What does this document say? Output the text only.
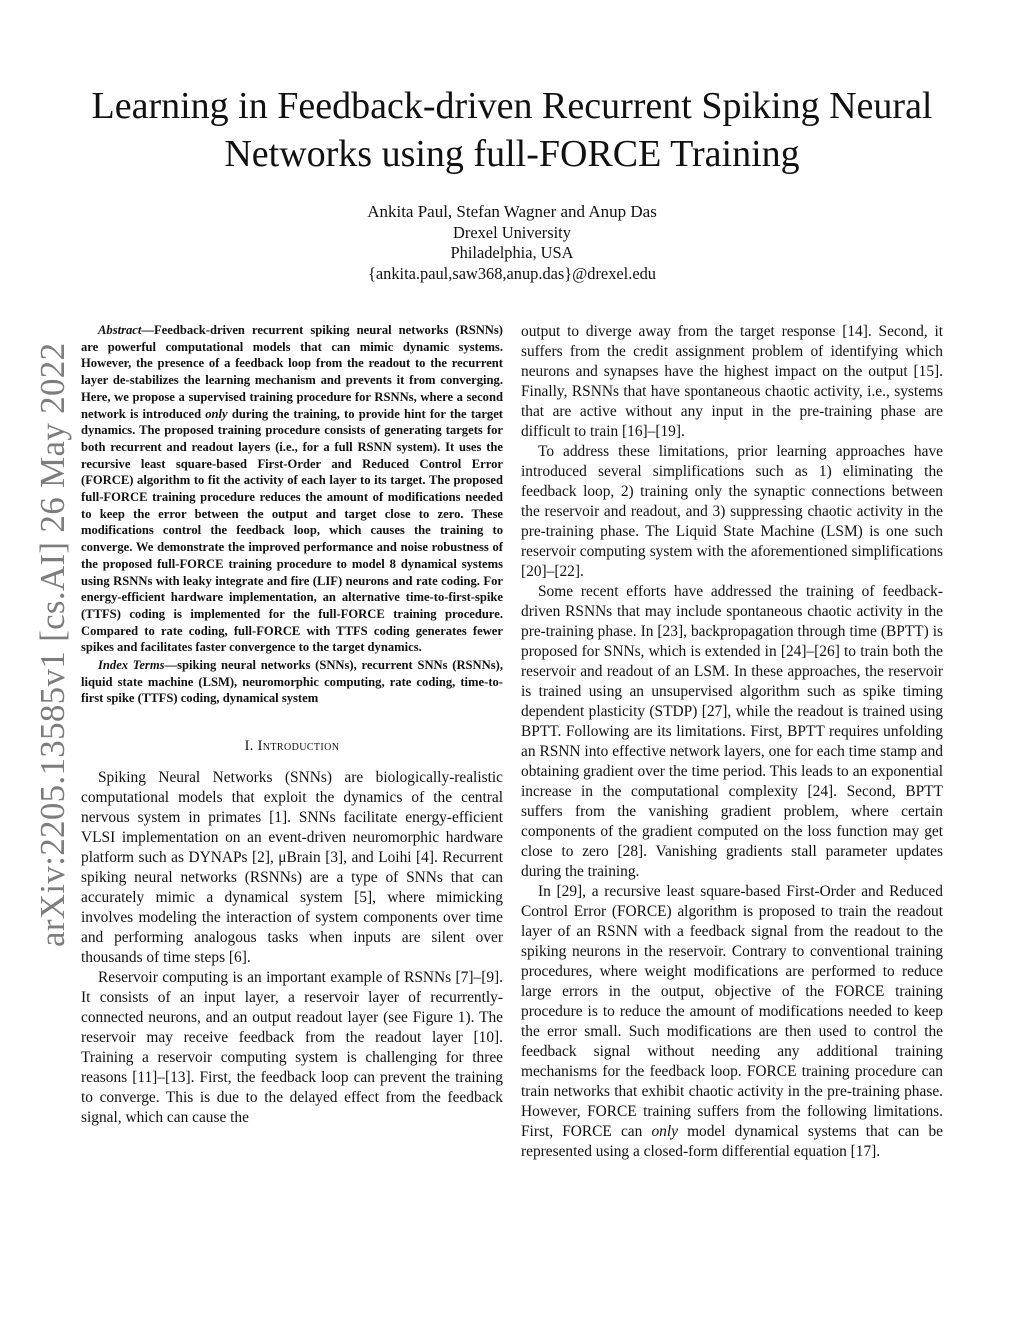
arXiv:2205.13585v1 [cs.AI] 26 May 2022
Learning in Feedback-driven Recurrent Spiking Neural Networks using full-FORCE Training
Ankita Paul, Stefan Wagner and Anup Das
Drexel University
Philadelphia, USA
{ankita.paul,saw368,anup.das}@drexel.edu

Abstract—Feedback-driven recurrent spiking neural networks (RSNNs) are powerful computational models that can mimic dynamic systems. However, the presence of a feedback loop from the readout to the recurrent layer de-stabilizes the learning mechanism and prevents it from converging. Here, we propose a supervised training procedure for RSNNs, where a second network is introduced only during the training, to provide hint for the target dynamics. The proposed training procedure consists of generating targets for both recurrent and readout layers (i.e., for a full RSNN system). It uses the recursive least square-based First-Order and Reduced Control Error (FORCE) algorithm to fit the activity of each layer to its target. The proposed full-FORCE training procedure reduces the amount of modifications needed to keep the error between the output and target close to zero. These modifications control the feedback loop, which causes the training to converge. We demonstrate the improved performance and noise robustness of the proposed full-FORCE training procedure to model 8 dynamical systems using RSNNs with leaky integrate and fire (LIF) neurons and rate coding. For energy-efficient hardware implementation, an alternative time-to-first-spike (TTFS) coding is implemented for the full-FORCE training procedure. Compared to rate coding, full-FORCE with TTFS coding generates fewer spikes and facilitates faster convergence to the target dynamics.

Index Terms—spiking neural networks (SNNs), recurrent SNNs (RSNNs), liquid state machine (LSM), neuromorphic computing, rate coding, time-to-first spike (TTFS) coding, dynamical system

I. Introduction

Spiking Neural Networks (SNNs) are biologically-realistic computational models that exploit the dynamics of the central nervous system in primates [1]. SNNs facilitate energy-efficient VLSI implementation on an event-driven neuromorphic hardware platform such as DYNAPs [2], μBrain [3], and Loihi [4]. Recurrent spiking neural networks (RSNNs) are a type of SNNs that can accurately mimic a dynamical system [5], where mimicking involves modeling the interaction of system components over time and performing analogous tasks when inputs are silent over thousands of time steps [6].

Reservoir computing is an important example of RSNNs [7]–[9]. It consists of an input layer, a reservoir layer of recurrently-connected neurons, and an output readout layer (see Figure 1). The reservoir may receive feedback from the readout layer [10]. Training a reservoir computing system is challenging for three reasons [11]–[13]. First, the feedback loop can prevent the training to converge. This is due to the delayed effect from the feedback signal, which can cause the

output to diverge away from the target response [14]. Second, it suffers from the credit assignment problem of identifying which neurons and synapses have the highest impact on the output [15]. Finally, RSNNs that have spontaneous chaotic activity, i.e., systems that are active without any input in the pre-training phase are difficult to train [16]–[19].

To address these limitations, prior learning approaches have introduced several simplifications such as 1) eliminating the feedback loop, 2) training only the synaptic connections between the reservoir and readout, and 3) suppressing chaotic activity in the pre-training phase. The Liquid State Machine (LSM) is one such reservoir computing system with the aforementioned simplifications [20]–[22].

Some recent efforts have addressed the training of feedback-driven RSNNs that may include spontaneous chaotic activity in the pre-training phase. In [23], backpropagation through time (BPTT) is proposed for SNNs, which is extended in [24]–[26] to train both the reservoir and readout of an LSM. In these approaches, the reservoir is trained using an unsupervised algorithm such as spike timing dependent plasticity (STDP) [27], while the readout is trained using BPTT. Following are its limitations. First, BPTT requires unfolding an RSNN into effective network layers, one for each time stamp and obtaining gradient over the time period. This leads to an exponential increase in the computational complexity [24]. Second, BPTT suffers from the vanishing gradient problem, where certain components of the gradient computed on the loss function may get close to zero [28]. Vanishing gradients stall parameter updates during the training.

In [29], a recursive least square-based First-Order and Reduced Control Error (FORCE) algorithm is proposed to train the readout layer of an RSNN with a feedback signal from the readout to the spiking neurons in the reservoir. Contrary to conventional training procedures, where weight modifications are performed to reduce large errors in the output, objective of the FORCE training procedure is to reduce the amount of modifications needed to keep the error small. Such modifications are then used to control the feedback signal without needing any additional training mechanisms for the feedback loop. FORCE training procedure can train networks that exhibit chaotic activity in the pre-training phase. However, FORCE training suffers from the following limitations. First, FORCE can only model dynamical systems that can be represented using a closed-form differential equation [17].
